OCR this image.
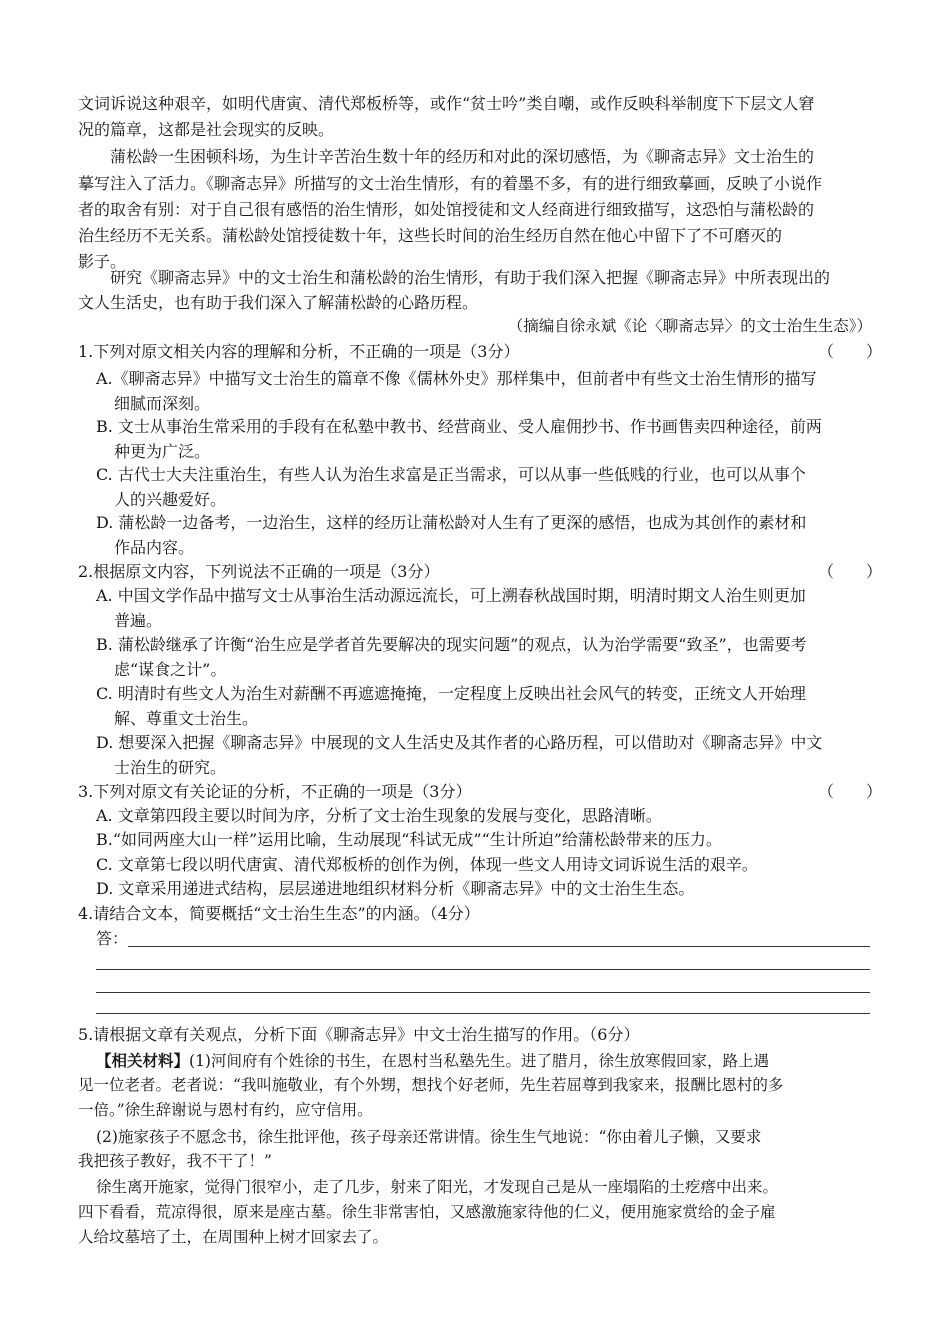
文词诉说这种艰辛，如明代唐寅、清代郑板桥等，或作“贫士吟”类自嘲，或作反映科举制度下下层文人窘
况的篇章，这都是社会现实的反映。
蒲松龄一生困顿科场，为生计辛苦治生数十年的经历和对此的深切感悟，为《聊斋志异》文士治生的
摹写注入了活力。《聊斋志异》所描写的文士治生情形，有的着墨不多，有的进行细致摹画，反映了小说作
者的取舍有别：对于自己很有感悟的治生情形，如处馆授徒和文人经商进行细致描写，这恐怕与蒲松龄的
治生经历不无关系。蒲松龄处馆授徒数十年，这些长时间的治生经历自然在他心中留下了不可磨灭的
影子。
研究《聊斋志异》中的文士治生和蒲松龄的治生情形，有助于我们深入把握《聊斋志异》中所表现出的
文人生活史，也有助于我们深入了解蒲松龄的心路历程。
（摘编自徐永斌《论〈聊斋志异〉的文士治生生态》）
1.下列对原文相关内容的理解和分析，不正确的一项是（3分）	（　　）
A.《聊斋志异》中描写文士治生的篇章不像《儒林外史》那样集中，但前者中有些文士治生情形的描写
细腻而深刻。
B. 文士从事治生常采用的手段有在私塾中教书、经营商业、受人雇佣抄书、作书画售卖四种途径，前两
种更为广泛。
C. 古代士大夫注重治生，有些人认为治生求富是正当需求，可以从事一些低贱的行业，也可以从事个
人的兴趣爱好。
D. 蒲松龄一边备考，一边治生，这样的经历让蒲松龄对人生有了更深的感悟，也成为其创作的素材和
作品内容。
2.根据原文内容，下列说法不正确的一项是（3分）	（　　）
A. 中国文学作品中描写文士从事治生活动源远流长，可上溯春秋战国时期，明清时期文人治生则更加
普遍。
B. 蒲松龄继承了许衡“治生应是学者首先要解决的现实问题”的观点，认为治学需要“致圣”，也需要考
虑“谋食之计”。
C. 明清时有些文人为治生对薪酬不再遮遮掩掩，一定程度上反映出社会风气的转变，正统文人开始理
解、尊重文士治生。
D. 想要深入把握《聊斋志异》中展现的文人生活史及其作者的心路历程，可以借助对《聊斋志异》中文
士治生的研究。
3.下列对原文有关论证的分析，不正确的一项是（3分）	（　　）
A. 文章第四段主要以时间为序，分析了文士治生现象的发展与变化，思路清晰。
B.“如同两座大山一样”运用比喻，生动展现“科试无成”“生计所迫”给蒲松龄带来的压力。
C. 文章第七段以明代唐寅、清代郑板桥的创作为例，体现一些文人用诗文词诉说生活的艰辛。
D. 文章采用递进式结构，层层递进地组织材料分析《聊斋志异》中的文士治生生态。
4.请结合文本，简要概括“文士治生生态”的内涵。（4分）
答：
5.请根据文章有关观点，分析下面《聊斋志异》中文士治生描写的作用。（6分）
【相关材料】(1)河间府有个姓徐的书生，在恩村当私塾先生。进了腊月，徐生放寒假回家，路上遇
见一位老者。老者说：“我叫施敬业，有个外甥，想找个好老师，先生若屈尊到我家来，报酬比恩村的多
一倍。”徐生辞谢说与恩村有约，应守信用。
(2)施家孩子不愿念书，徐生批评他，孩子母亲还常讲情。徐生生气地说：“你由着儿子懒，又要求
我把孩子教好，我不干了！”
徐生离开施家，觉得门很窄小，走了几步，射来了阳光，才发现自己是从一座塌陷的土疙瘩中出来。
四下看看，荒凉得很，原来是座古墓。徐生非常害怕，又感激施家待他的仁义，便用施家赏给的金子雇
人给坟墓培了土，在周围种上树才回家去了。
